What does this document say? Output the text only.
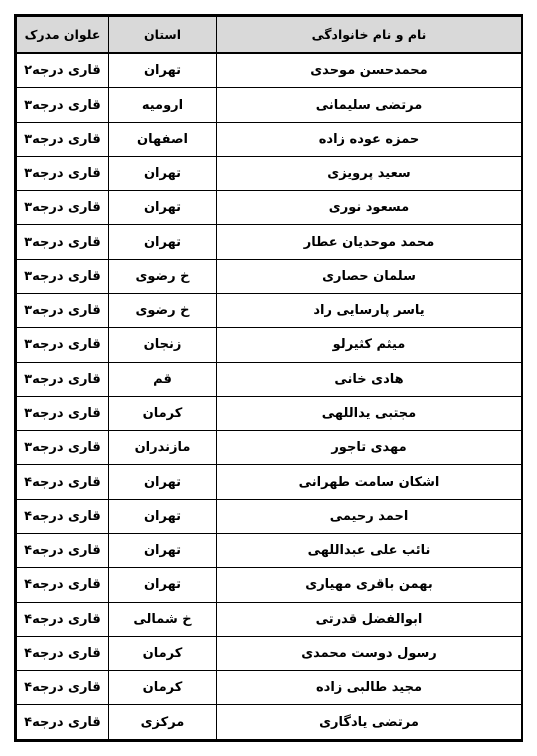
نام و نام خانوادگی	استان	علوان مدرک
محمدحسن موحدی	تهران	قاری درجه۲
مرتضی سلیمانی	ارومیه	قاری درجه۳
حمزه عوده زاده	اصفهان	قاری درجه۳
سعید پرویزی	تهران	قاری درجه۳
مسعود نوری	تهران	قاری درجه۳
محمد موحدیان عطار	تهران	قاری درجه۳
سلمان حصاری	خ رضوی	قاری درجه۳
یاسر پارسایی راد	خ رضوی	قاری درجه۳
میثم کثیرلو	زنجان	قاری درجه۳
هادی خانی	قم	قاری درجه۳
مجتبی یداللهی	کرمان	قاری درجه۳
مهدی تاجور	مازندران	قاری درجه۳
اشکان سامت طهرانی	تهران	قاری درجه۴
احمد رحیمی	تهران	قاری درجه۴
نائب علی عبداللهی	تهران	قاری درجه۴
بهمن باقری مهیاری	تهران	قاری درجه۴
ابوالفضل قدرتی	خ شمالی	قاری درجه۴
رسول دوست محمدی	کرمان	قاری درجه۴
مجید طالبی زاده	کرمان	قاری درجه۴
مرتضی یادگاری	مرکزی	قاری درجه۴
